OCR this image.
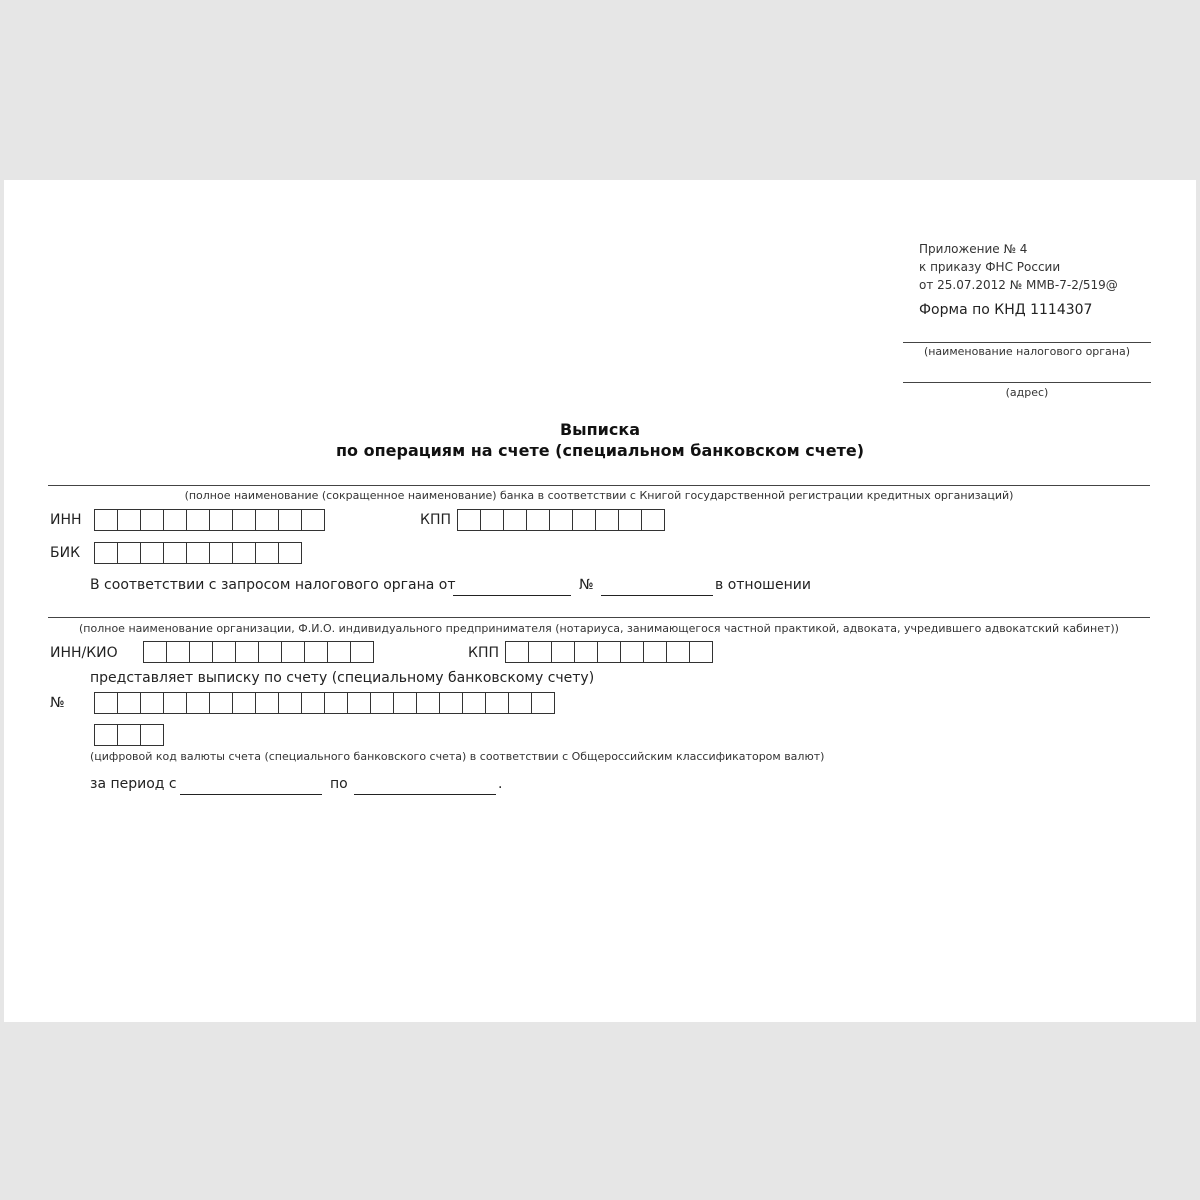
Приложение № 4
к приказу ФНС России
от 25.07.2012 № ММВ-7-2/519@
Форма по КНД 1114307
(наименование налогового органа)
(адрес)
Выписка
по операциям на счете (специальном банковском счете)
(полное наименование (сокращенное наименование) банка в соответствии с Книгой государственной регистрации кредитных организаций)
ИНН	КПП
БИК
В соответствии с запросом налогового органа от	№	в отношении
(полное наименование организации, Ф.И.О. индивидуального предпринимателя (нотариуса, занимающегося частной практикой, адвоката, учредившего адвокатский кабинет))
ИНН/КИО	КПП
представляет выписку по счету (специальному банковскому счету)
№
(цифровой код валюты счета (специального банковского счета) в соответствии с Общероссийским классификатором валют)
за период с	по	.
